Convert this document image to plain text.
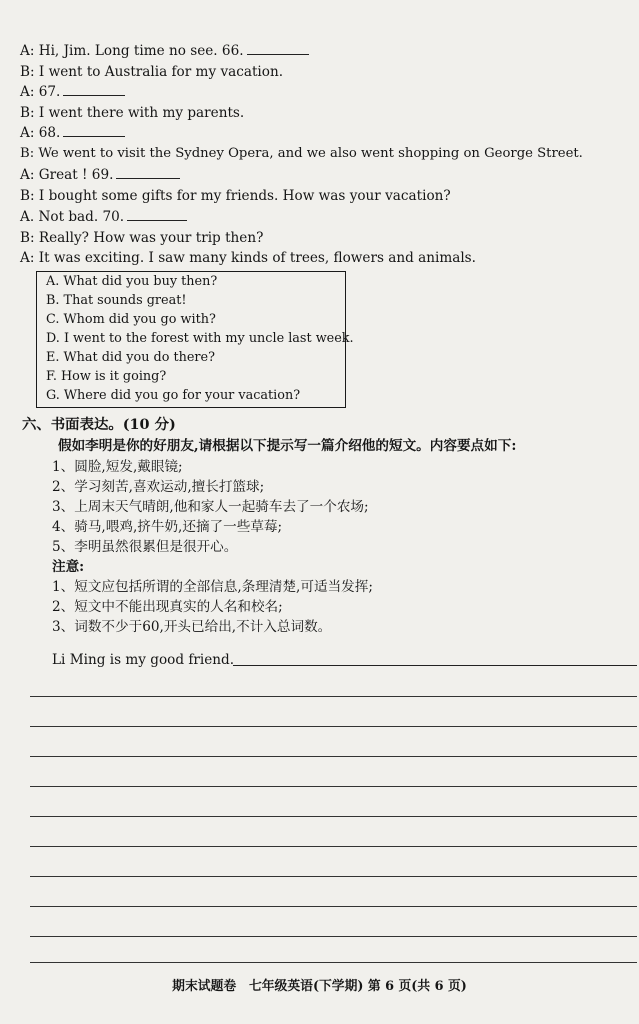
A: Hi, Jim. Long time no see. 66.
B: I went to Australia for my vacation.
A: 67.
B: I went there with my parents.
A: 68.
B: We went to visit the Sydney Opera, and we also went shopping on George Street.
A: Great ! 69.
B: I bought some gifts for my friends. How was your vacation?
A. Not bad. 70.
B: Really? How was your trip then?
A: It was exciting. I saw many kinds of trees, flowers and animals.
A. What did you buy then?
B. That sounds great!
C. Whom did you go with?
D. I went to the forest with my uncle last week.
E. What did you do there?
F. How is it going?
G. Where did you go for your vacation?
六、书面表达。(10 分)
假如李明是你的好朋友,请根据以下提示写一篇介绍他的短文。内容要点如下:
1、圆脸,短发,戴眼镜;
2、学习刻苦,喜欢运动,擅长打篮球;
3、上周末天气晴朗,他和家人一起骑车去了一个农场;
4、骑马,喂鸡,挤牛奶,还摘了一些草莓;
5、李明虽然很累但是很开心。
注意:
1、短文应包括所谓的全部信息,条理清楚,可适当发挥;
2、短文中不能出现真实的人名和校名;
3、词数不少于60,开头已给出,不计入总词数。
Li Ming is my good friend.
期末试题卷　七年级英语(下学期) 第 6 页(共 6 页)
